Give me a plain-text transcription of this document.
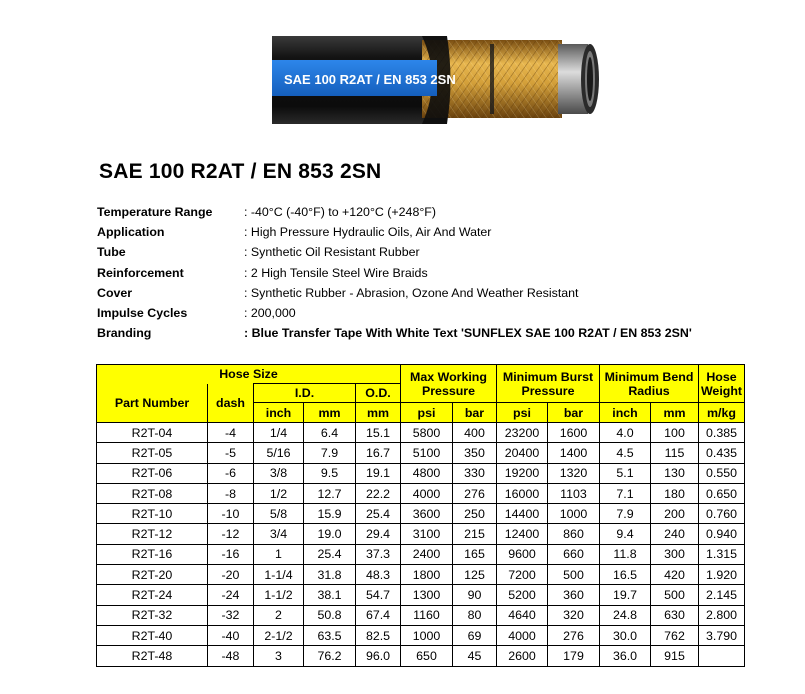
SAE 100 R2AT / EN 853 2SN
SAE 100 R2AT / EN 853 2SN
Temperature Range	: -40°C (-40°F) to +120°C (+248°F)
Application	: High Pressure Hydraulic Oils, Air And Water
Tube	: Synthetic Oil Resistant Rubber
Reinforcement	: 2 High Tensile Steel Wire Braids
Cover	: Synthetic Rubber - Abrasion, Ozone And Weather Resistant
Impulse Cycles	: 200,000
Branding	: Blue Transfer Tape With White Text 'SUNFLEX SAE 100 R2AT / EN 853 2SN'
Hose Size					Max Working Pressure		Minimum Burst Pressure		Minimum Bend Radius		Hose Weight
Part Number	dash	I.D.		O.D.							
		inch	mm	mm	psi	bar	psi	bar	inch	mm	m/kg
R2T-04	-4	1/4	6.4	15.1	5800	400	23200	1600	4.0	100	0.385
R2T-05	-5	5/16	7.9	16.7	5100	350	20400	1400	4.5	115	0.435
R2T-06	-6	3/8	9.5	19.1	4800	330	19200	1320	5.1	130	0.550
R2T-08	-8	1/2	12.7	22.2	4000	276	16000	1103	7.1	180	0.650
R2T-10	-10	5/8	15.9	25.4	3600	250	14400	1000	7.9	200	0.760
R2T-12	-12	3/4	19.0	29.4	3100	215	12400	860	9.4	240	0.940
R2T-16	-16	1	25.4	37.3	2400	165	9600	660	11.8	300	1.315
R2T-20	-20	1-1/4	31.8	48.3	1800	125	7200	500	16.5	420	1.920
R2T-24	-24	1-1/2	38.1	54.7	1300	90	5200	360	19.7	500	2.145
R2T-32	-32	2	50.8	67.4	1160	80	4640	320	24.8	630	2.800
R2T-40	-40	2-1/2	63.5	82.5	1000	69	4000	276	30.0	762	3.790
R2T-48	-48	3	76.2	96.0	650	45	2600	179	36.0	915	
